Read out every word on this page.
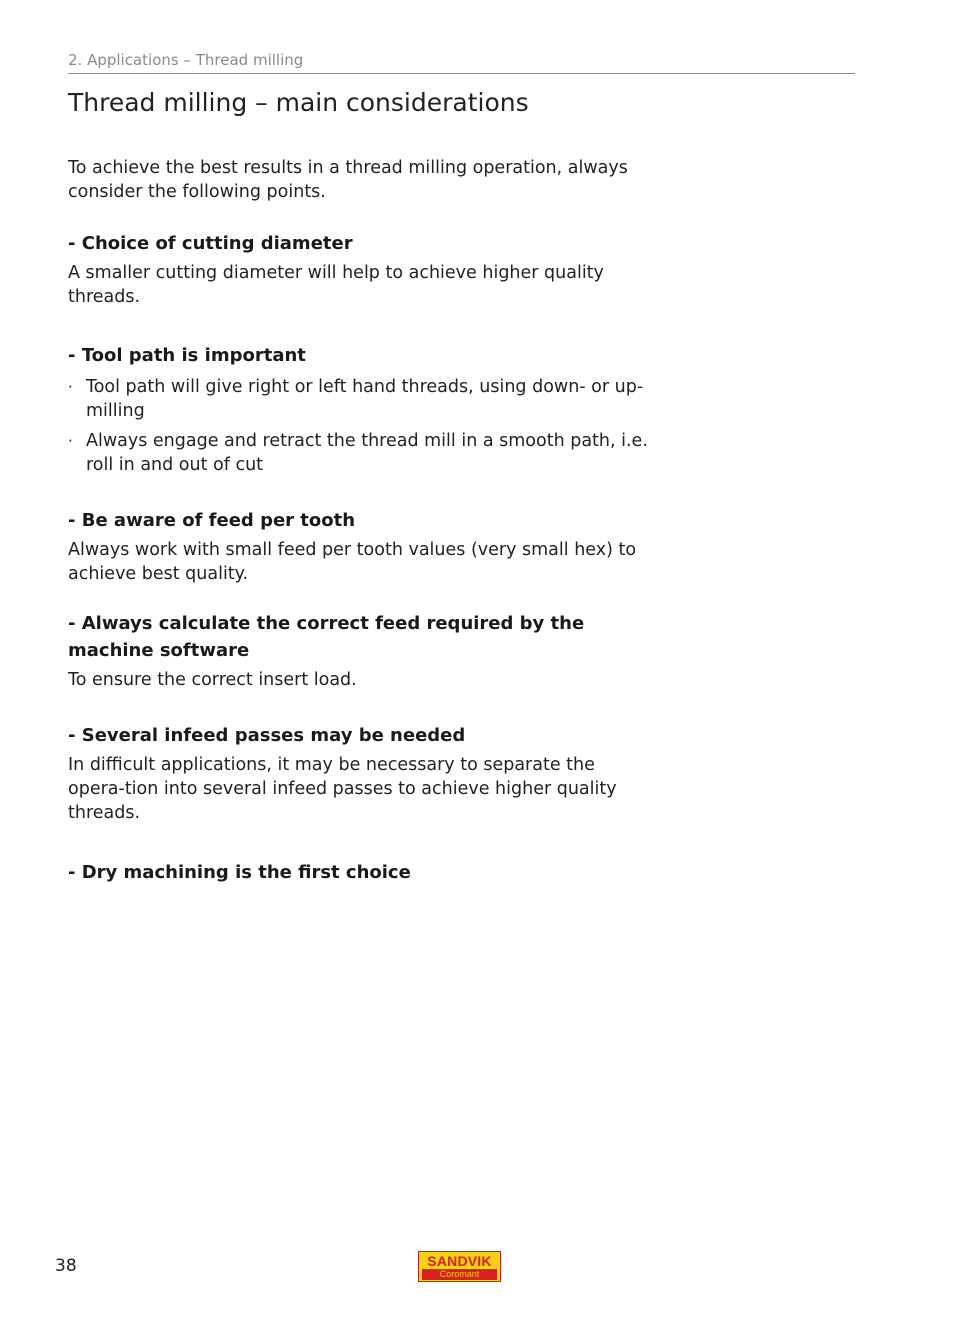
2. Applications – Thread milling
Thread milling – main considerations

To achieve the best results in a thread milling operation, always consider the following points.

- Choice of cutting diameter

A smaller cutting diameter will help to achieve higher quality threads.

- Tool path is important

· Tool path will give right or left hand threads, using down- or up-milling
· Always engage and retract the thread mill in a smooth path, i.e. roll in and out of cut

- Be aware of feed per tooth

Always work with small feed per tooth values (very small hex) to achieve best quality.

- Always calculate the correct feed required by the machine software

To ensure the correct insert load.

- Several infeed passes may be needed

In difficult applications, it may be necessary to separate the opera-tion into several infeed passes to achieve higher quality threads.

- Dry machining is the first choice

38	SANDVIK
Coromant
